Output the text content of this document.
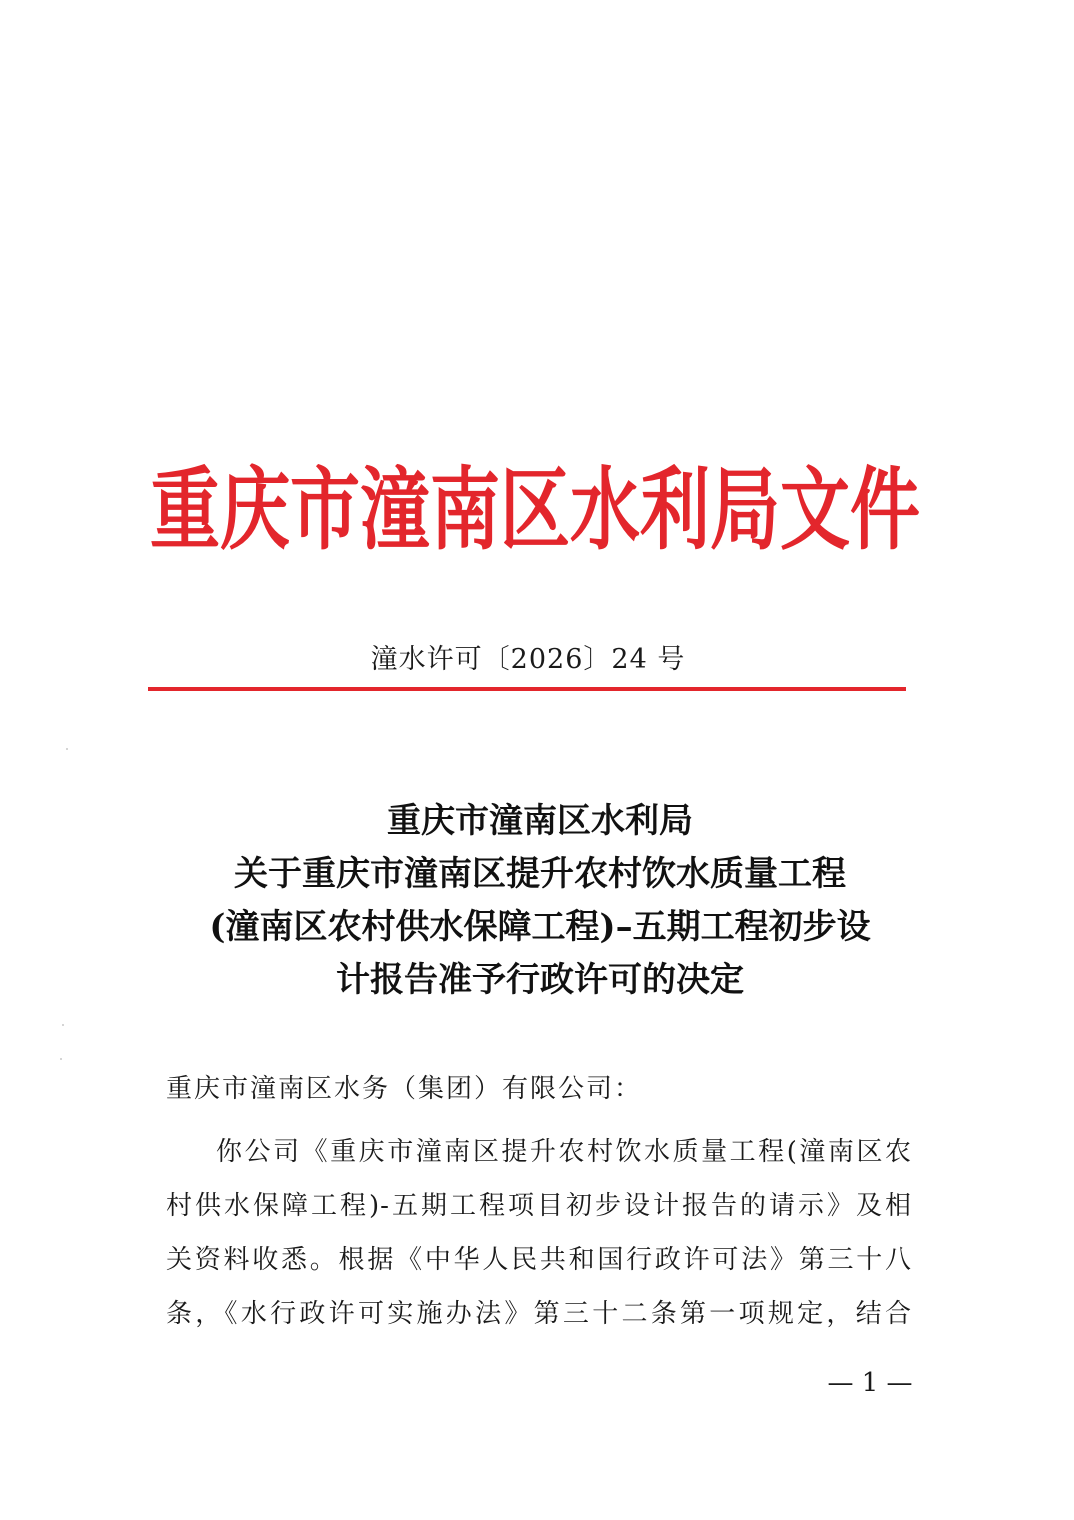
重庆市潼南区水利局文件
潼水许可〔2026〕24 号
重庆市潼南区水利局
关于重庆市潼南区提升农村饮水质量工程
(潼南区农村供水保障工程)–五期工程初步设
计报告准予行政许可的决定
重庆市潼南区水务（集团）有限公司：
你公司《重庆市潼南区提升农村饮水质量工程(潼南区农
村供水保障工程)-五期工程项目初步设计报告的请示》及相
关资料收悉。根据《中华人民共和国行政许可法》第三十八
条，《水行政许可实施办法》第三十二条第一项规定，结合
— 1 —
